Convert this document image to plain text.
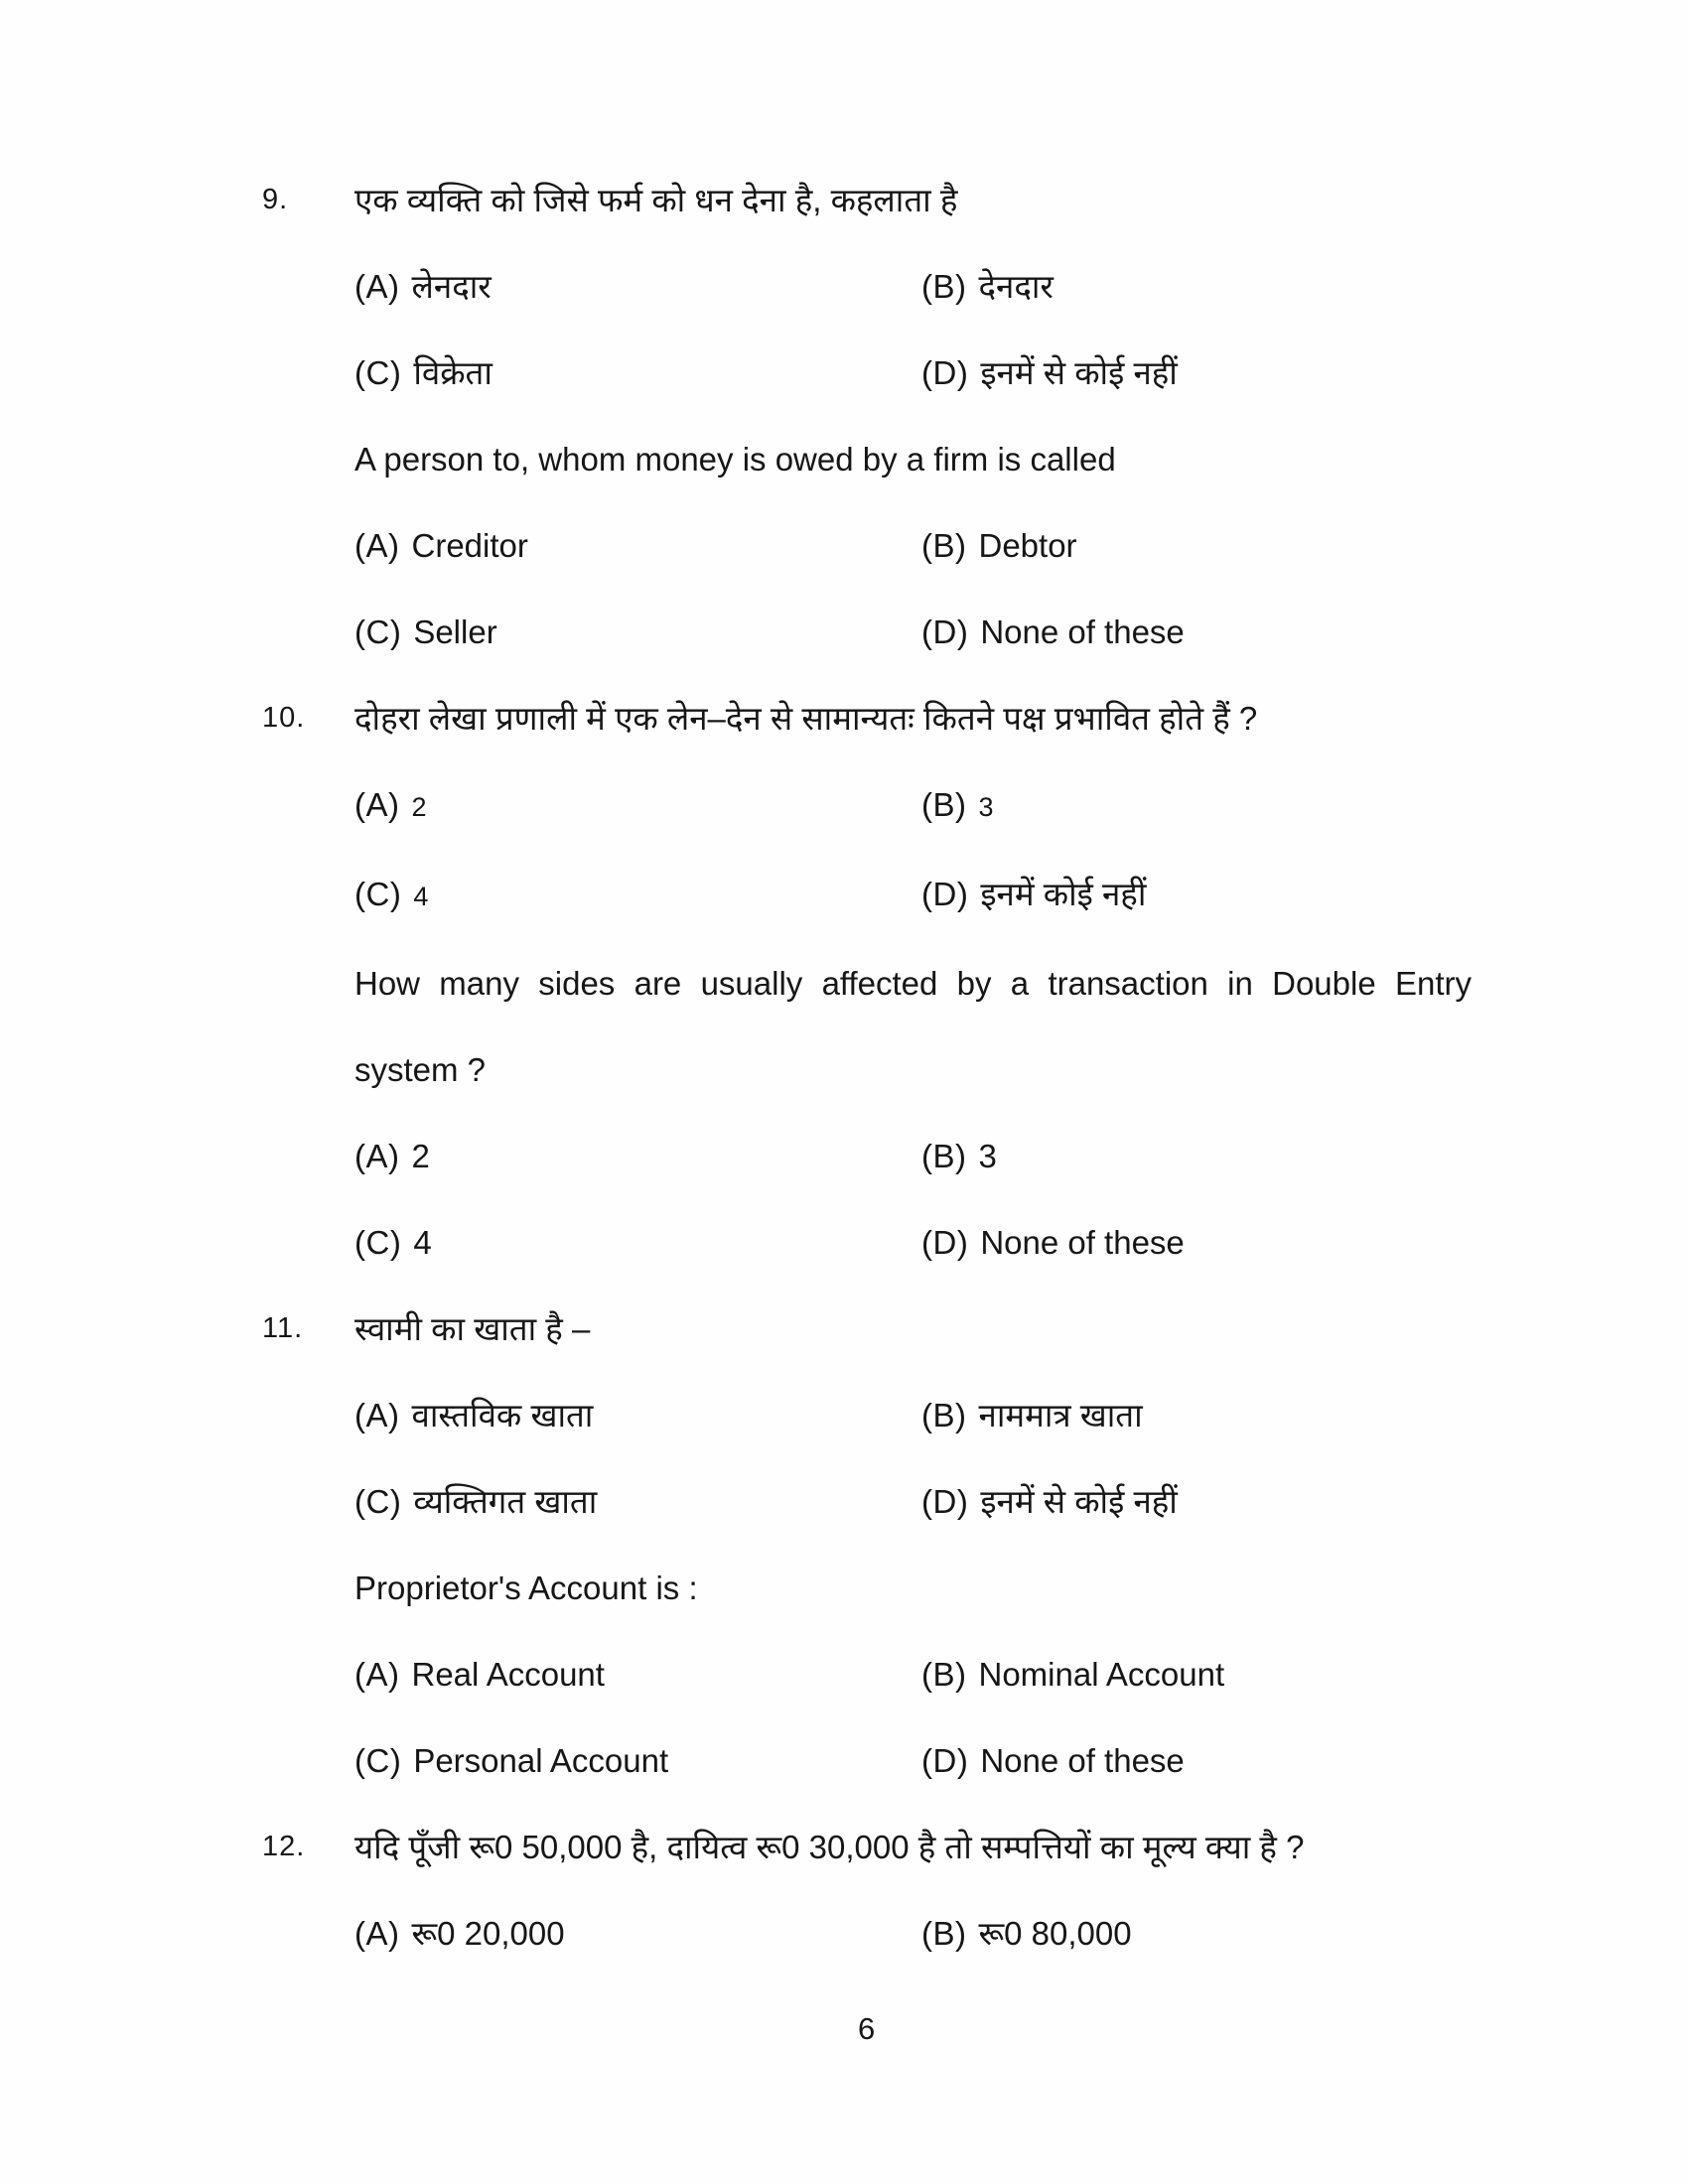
9.	एक व्यक्ति को जिसे फर्म को धन देना है, कहलाता है
(A) लेनदार	(B) देनदार
(C) विक्रेता	(D) इनमें से कोई नहीं
A person to, whom money is owed by a firm is called
(A) Creditor	(B) Debtor
(C) Seller	(D) None of these
10.	दोहरा लेखा प्रणाली में एक लेन–देन से सामान्यतः कितने पक्ष प्रभावित होते हैं ?
(A) 2	(B) 3
(C) 4	(D) इनमें कोई नहीं
How many sides are usually affected by a transaction in Double Entry system ?
(A) 2	(B) 3
(C) 4	(D) None of these
11.	स्वामी का खाता है –
(A) वास्तविक खाता	(B) नाममात्र खाता
(C) व्यक्तिगत खाता	(D) इनमें से कोई नहीं
Proprietor's Account is :
(A) Real Account	(B) Nominal Account
(C) Personal Account	(D) None of these
12.	यदि पूँजी रू0 50,000 है, दायित्व रू0 30,000 है तो सम्पत्तियों का मूल्य क्या है ?
(A) रू0 20,000	(B) रू0 80,000
6
